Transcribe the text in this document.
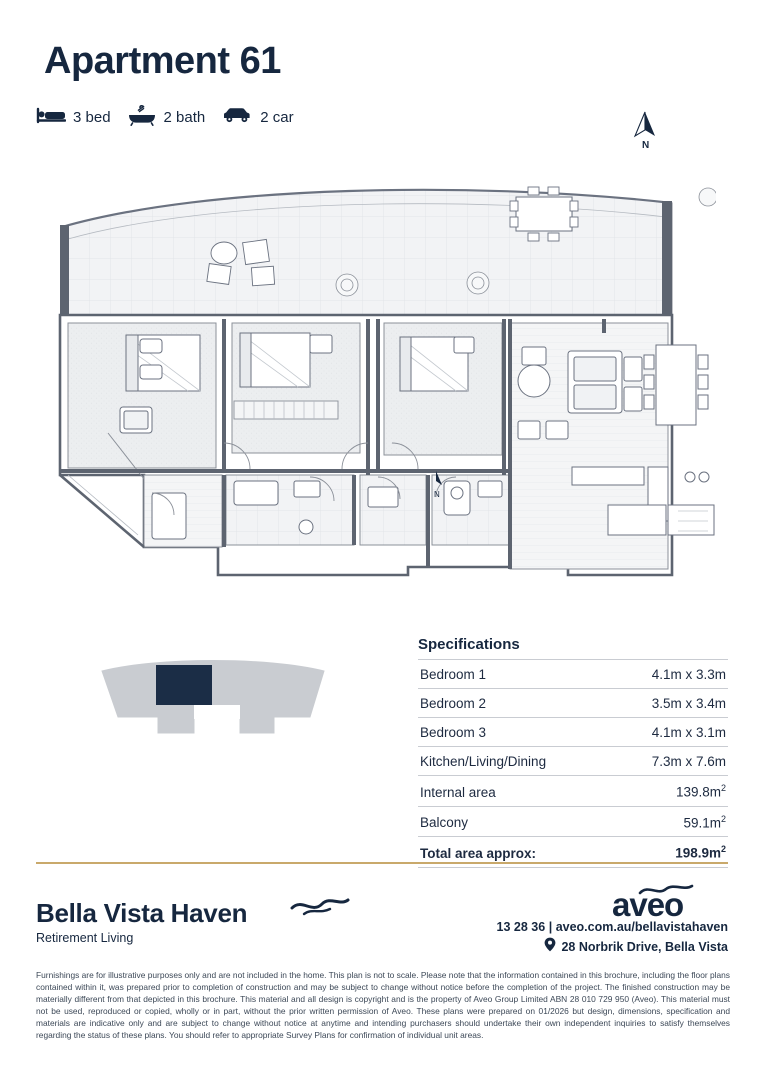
Apartment 61
3 bed	2 bath	2 car
N
N
Specifications
Bedroom 1	4.1m x 3.3m
Bedroom 2	3.5m x 3.4m
Bedroom 3	4.1m x 3.1m
Kitchen/Living/Dining	7.3m x 7.6m
Internal area	$139.8m^2$
Balcony	$59.1m^2$
Total area approx:	$198.9m^2$
Bella Vista Haven
Retirement Living
aveo
13 28 36 | aveo.com.au/bellavistahaven
28 Norbrik Drive, Bella Vista
Furnishings are for illustrative purposes only and are not included in the home. This plan is not to scale. Please note that the information contained in this brochure, including the floor plans contained within it, was prepared prior to completion of construction and may be subject to change without notice before the completion of the project. The finished construction may be materially different from that depicted in this brochure. This material and all design is copyright and is the property of Aveo Group Limited ABN 28 010 729 950 (Aveo). This material must not be used, reproduced or copied, wholly or in part, without the prior written permission of Aveo. These plans were prepared on 01/2026 but design, dimensions, specification and materials are indicative only and are subject to change without notice at anytime and intending purchasers should undertake their own independent inquiries to satisfy themselves regarding the status of these plans. You should refer to appropriate Survey Plans for confirmation of individual unit areas.
